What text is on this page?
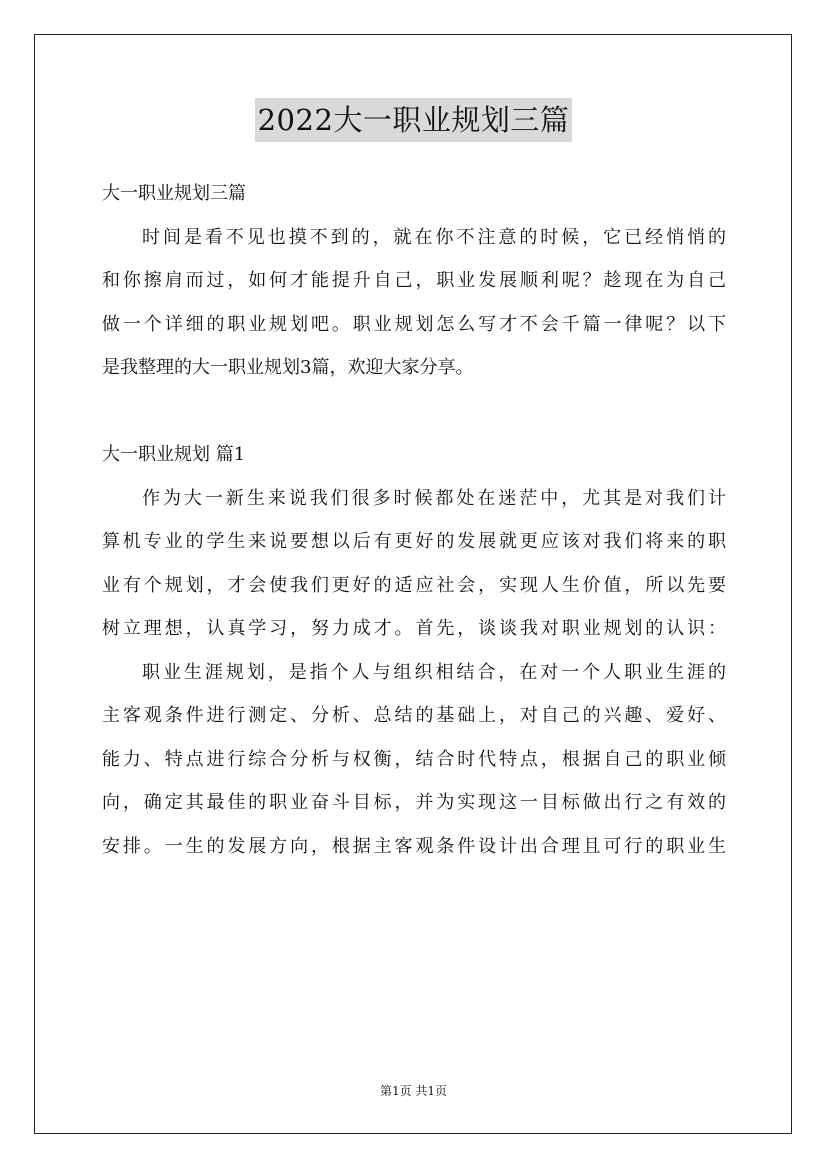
2022大一职业规划三篇
大一职业规划三篇
时间是看不见也摸不到的，就在你不注意的时候，它已经悄悄的
和你擦肩而过，如何才能提升自己，职业发展顺利呢？趁现在为自己
做一个详细的职业规划吧。职业规划怎么写才不会千篇一律呢？以下
是我整理的大一职业规划3篇，欢迎大家分享。
大一职业规划 篇1
作为大一新生来说我们很多时候都处在迷茫中，尤其是对我们计
算机专业的学生来说要想以后有更好的发展就更应该对我们将来的职
业有个规划，才会使我们更好的适应社会，实现人生价值，所以先要
树立理想，认真学习，努力成才。首先，谈谈我对职业规划的认识：
职业生涯规划，是指个人与组织相结合，在对一个人职业生涯的
主客观条件进行测定、分析、总结的基础上，对自己的兴趣、爱好、
能力、特点进行综合分析与权衡，结合时代特点，根据自己的职业倾
向，确定其最佳的职业奋斗目标，并为实现这一目标做出行之有效的
安排。一生的发展方向，根据主客观条件设计出合理且可行的职业生
第1页 共1页
